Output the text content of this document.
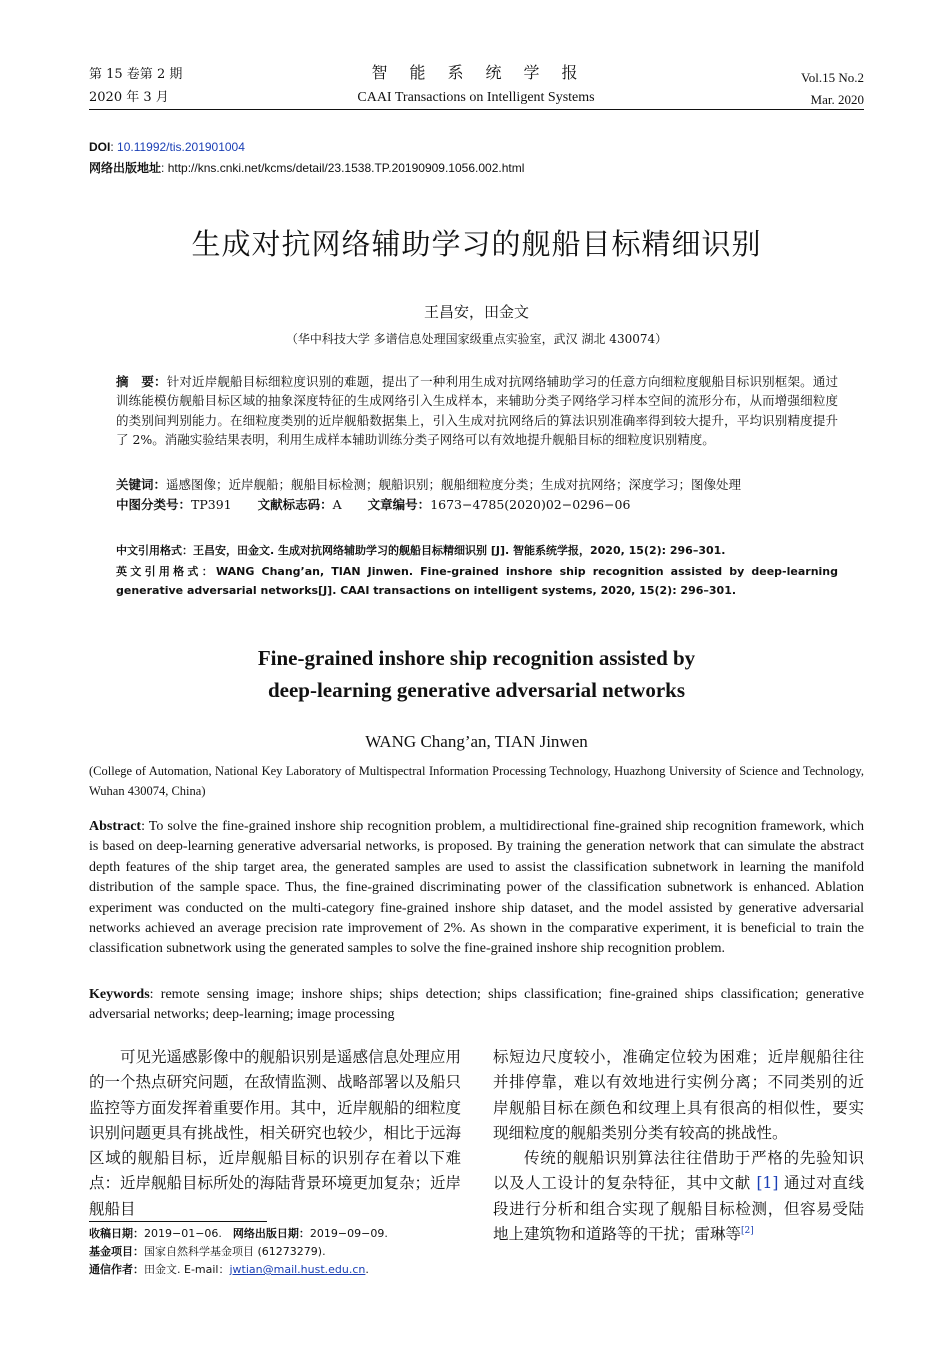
第 15 卷第 2 期
2020 年 3 月
智　能　系　统　学　报
CAAI Transactions on Intelligent Systems
Vol.15 No.2
Mar. 2020
DOI: 10.11992/tis.201901004
网络出版地址: http://kns.cnki.net/kcms/detail/23.1538.TP.20190909.1056.002.html
生成对抗网络辅助学习的舰船目标精细识别
王昌安，田金文
（华中科技大学 多谱信息处理国家级重点实验室，武汉 湖北 430074）
摘　要：针对近岸舰船目标细粒度识别的难题，提出了一种利用生成对抗网络辅助学习的任意方向细粒度舰船目标识别框架。通过训练能模仿舰船目标区域的抽象深度特征的生成网络引入生成样本，来辅助分类子网络学习样本空间的流形分布，从而增强细粒度的类别间判别能力。在细粒度类别的近岸舰船数据集上，引入生成对抗网络后的算法识别准确率得到较大提升，平均识别精度提升了 2%。消融实验结果表明，利用生成样本辅助训练分类子网络可以有效地提升舰船目标的细粒度识别精度。
关键词：遥感图像；近岸舰船；舰船目标检测；舰船识别；舰船细粒度分类；生成对抗网络；深度学习；图像处理
中图分类号：TP391 文献标志码：A 文章编号：1673−4785(2020)02−0296−06
中文引用格式：王昌安，田金文. 生成对抗网络辅助学习的舰船目标精细识别 [J]. 智能系统学报，2020, 15(2): 296–301.
英文引用格式：WANG Chang’an, TIAN Jinwen. Fine-grained inshore ship recognition assisted by deep-learning generative adversarial networks[J]. CAAI transactions on intelligent systems, 2020, 15(2): 296–301.
Fine-grained inshore ship recognition assisted by
deep-learning generative adversarial networks
WANG Chang’an, TIAN Jinwen
(College of Automation, National Key Laboratory of Multispectral Information Processing Technology, Huazhong University of Science and Technology, Wuhan 430074, China)
Abstract: To solve the fine-grained inshore ship recognition problem, a multidirectional fine-grained ship recognition framework, which is based on deep-learning generative adversarial networks, is proposed. By training the generation network that can simulate the abstract depth features of the ship target area, the generated samples are used to assist the classification subnetwork in learning the manifold distribution of the sample space. Thus, the fine-grained discriminating power of the classification subnetwork is enhanced. Ablation experiment was conducted on the multi-category fine-grained inshore ship dataset, and the model assisted by generative adversarial networks achieved an average precision rate improvement of 2%. As shown in the comparative experiment, it is beneficial to train the classification subnetwork using the generated samples to solve the fine-grained inshore ship recognition problem.
Keywords: remote sensing image; inshore ships; ships detection; ships classification; fine-grained ships classification; generative adversarial networks; deep-learning; image processing

可见光遥感影像中的舰船识别是遥感信息处理应用的一个热点研究问题，在敌情监测、战略部署以及船只监控等方面发挥着重要作用。其中，近岸舰船的细粒度识别问题更具有挑战性，相关研究也较少，相比于远海区域的舰船目标，近岸舰船目标的识别存在着以下难点：近岸舰船目标所处的海陆背景环境更加复杂；近岸舰船目

标短边尺度较小，准确定位较为困难；近岸舰船往往并排停靠，难以有效地进行实例分离；不同类别的近岸舰船目标在颜色和纹理上具有很高的相似性，要实现细粒度的舰船类别分类有较高的挑战性。

传统的舰船识别算法往往借助于严格的先验知识以及人工设计的复杂特征，其中文献 [1] 通过对直线段进行分析和组合实现了舰船目标检测，但容易受陆地上建筑物和道路等的干扰；雷琳等[2]

收稿日期：2019−01−06.　 网络出版日期：2019−09−09.
基金项目：国家自然科学基金项目 (61273279).
通信作者：田金文. E-mail：jwtian@mail.hust.edu.cn.
